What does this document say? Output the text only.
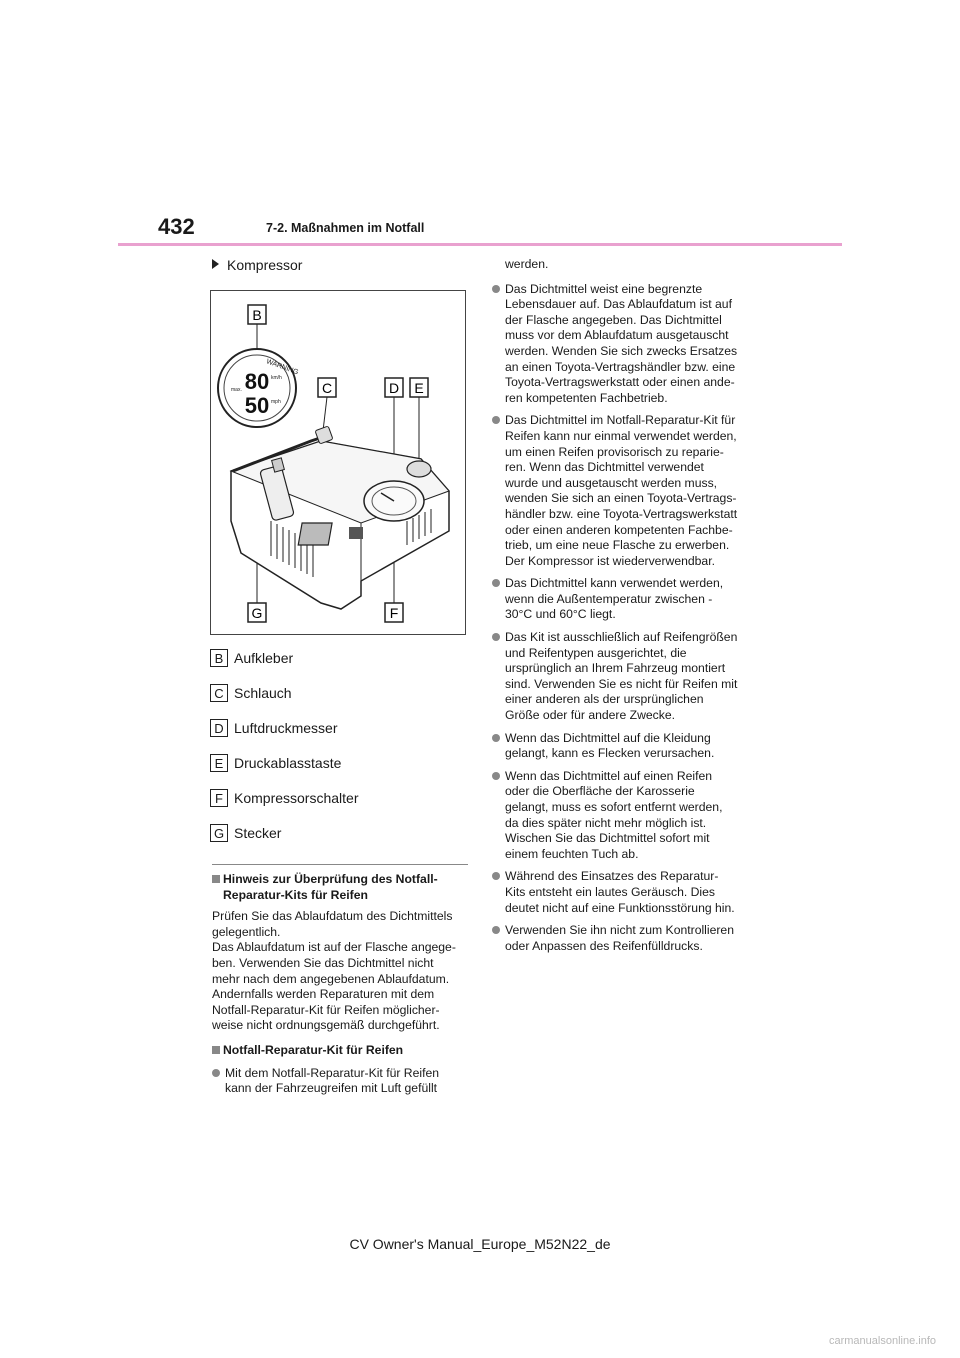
432	7-2. Maßnahmen im Notfall
Kompressor
WARNING
80
50
km/h
mph
max.
B
C	D E
G	F
B Aufkleber
C Schlauch
D Luftdruckmesser
E Druckablasstaste
F Kompressorschalter
G Stecker
Hinweis zur Überprüfung des Notfall-
Reparatur-Kits für Reifen
Prüfen Sie das Ablaufdatum des Dichtmittels
gelegentlich.
Das Ablaufdatum ist auf der Flasche angege-
ben. Verwenden Sie das Dichtmittel nicht
mehr nach dem angegebenen Ablaufdatum.
Andernfalls werden Reparaturen mit dem
Notfall-Reparatur-Kit für Reifen möglicher-
weise nicht ordnungsgemäß durchgeführt.
Notfall-Reparatur-Kit für Reifen
Mit dem Notfall-Reparatur-Kit für Reifen
kann der Fahrzeugreifen mit Luft gefüllt
werden.
Das Dichtmittel weist eine begrenzte
Lebensdauer auf. Das Ablaufdatum ist auf
der Flasche angegeben. Das Dichtmittel
muss vor dem Ablaufdatum ausgetauscht
werden. Wenden Sie sich zwecks Ersatzes
an einen Toyota-Vertragshändler bzw. eine
Toyota-Vertragswerkstatt oder einen ande-
ren kompetenten Fachbetrieb.
Das Dichtmittel im Notfall-Reparatur-Kit für
Reifen kann nur einmal verwendet werden,
um einen Reifen provisorisch zu reparie-
ren. Wenn das Dichtmittel verwendet
wurde und ausgetauscht werden muss,
wenden Sie sich an einen Toyota-Vertrags-
händler bzw. eine Toyota-Vertragswerkstatt
oder einen anderen kompetenten Fachbe-
trieb, um eine neue Flasche zu erwerben.
Der Kompressor ist wiederverwendbar.
Das Dichtmittel kann verwendet werden,
wenn die Außentemperatur zwischen -
30°C und 60°C liegt.
Das Kit ist ausschließlich auf Reifengrößen
und Reifentypen ausgerichtet, die
ursprünglich an Ihrem Fahrzeug montiert
sind. Verwenden Sie es nicht für Reifen mit
einer anderen als der ursprünglichen
Größe oder für andere Zwecke.
Wenn das Dichtmittel auf die Kleidung
gelangt, kann es Flecken verursachen.
Wenn das Dichtmittel auf einen Reifen
oder die Oberfläche der Karosserie
gelangt, muss es sofort entfernt werden,
da dies später nicht mehr möglich ist.
Wischen Sie das Dichtmittel sofort mit
einem feuchten Tuch ab.
Während des Einsatzes des Reparatur-
Kits entsteht ein lautes Geräusch. Dies
deutet nicht auf eine Funktionsstörung hin.
Verwenden Sie ihn nicht zum Kontrollieren
oder Anpassen des Reifenfülldrucks.
CV Owner's Manual_Europe_M52N22_de
carmanualsonline.info
